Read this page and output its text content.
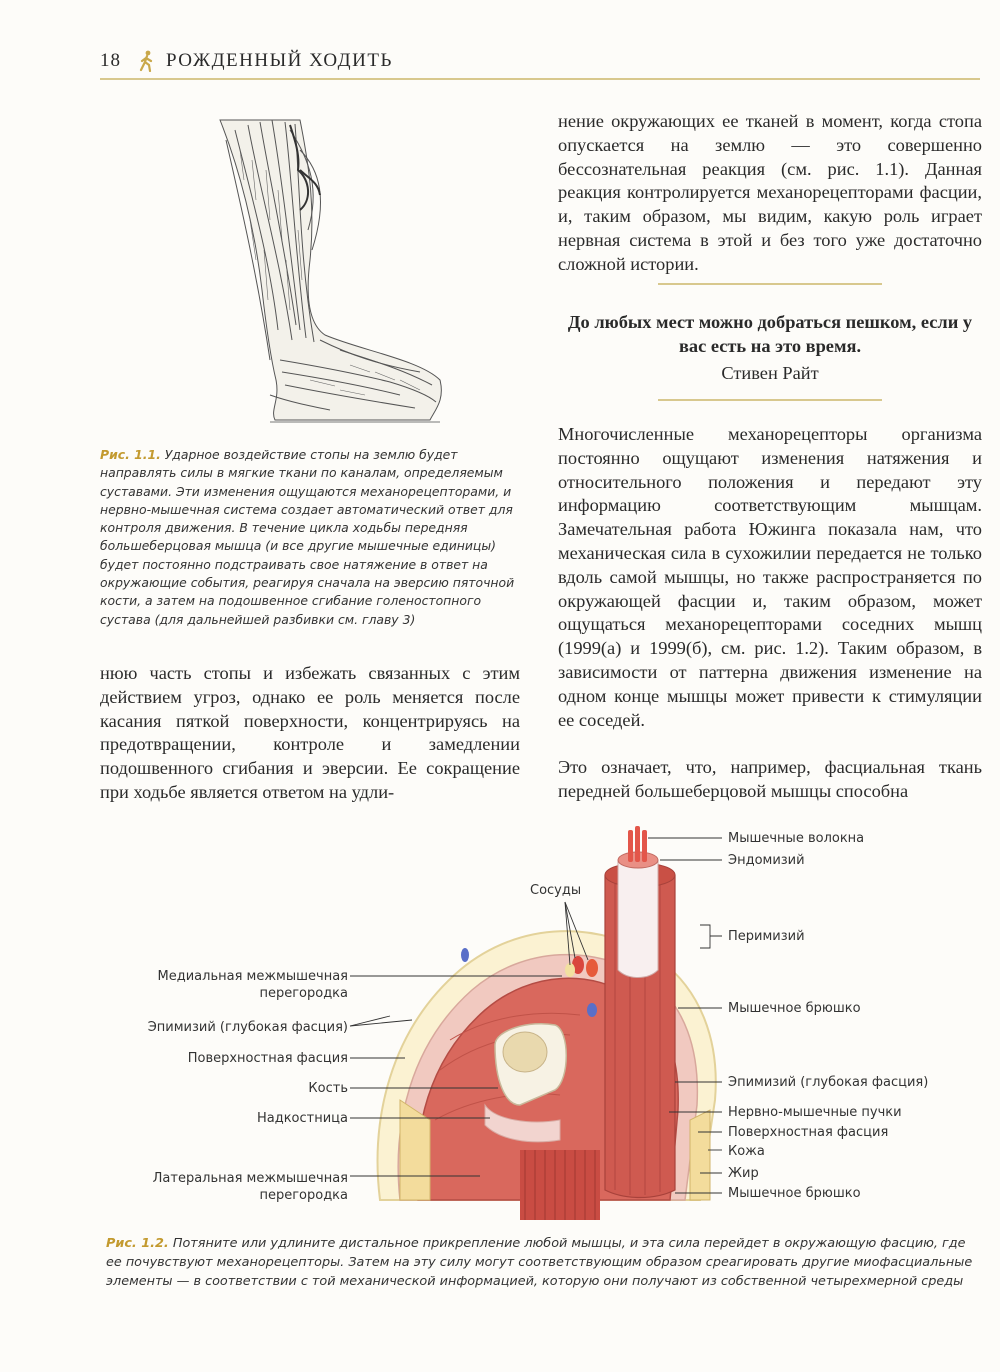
18 РОЖДЕННЫЙ ХОДИТЬ

Рис. 1.1. Ударное воздействие стопы на землю будет направлять силы в мягкие ткани по каналам, определяемым суставами. Эти изменения ощущаются механорецепторами, и нервно-мышечная система создает автоматический ответ для контроля движения. В течение цикла ходьбы передняя большеберцовая мышца (и все другие мышечные единицы) будет постоянно подстраивать свое натяжение в ответ на окружающие события, реагируя сначала на эверсию пяточной кости, а затем на подошвенное сгибание голеностопного сустава (для дальнейшей разбивки см. главу 3)

нюю часть стопы и избежать связанных с этим действием угроз, однако ее роль меняется после касания пяткой поверхности, концентрируясь на предотвращении, контроле и замедлении подошвенного сгибания и эверсии. Ее сокращение при ходьбе является ответом на удли-

нение окружающих ее тканей в момент, когда стопа опускается на землю — это совершенно бессознательная реакция (см. рис. 1.1). Данная реакция контролируется механорецепторами фасции, и, таким образом, мы видим, какую роль играет нервная система в этой и без того уже достаточно сложной истории.

До любых мест можно добраться пешком, если у вас есть на это время.

Стивен Райт

Многочисленные механорецепторы организма постоянно ощущают изменения натяжения и относительного положения и передают эту информацию соответствующим мышцам. Замечательная работа Южинга показала нам, что механическая сила в сухожилии передается не только вдоль самой мышцы, но также распространяется по окружающей фасции и, таким образом, может ощущаться механорецепторами соседних мышц (1999(а) и 1999(б), см. рис. 1.2). Таким образом, в зависимости от паттерна движения изменение на одном конце мышцы может привести к стимуляции ее соседей.

Это означает, что, например, фасциальная ткань передней большеберцовой мышцы способна

Сосуды
Медиальная межмышечная
перегородка
Эпимизий (глубокая фасция)
Поверхностная фасция
Кость
Надкостница
Латеральная межмышечная
перегородка
Мышечные волокна
Эндомизий
Перимизий
Мышечное брюшко
Эпимизий (глубокая фасция)
Нервно-мышечные пучки
Поверхностная фасция
Кожа
Жир
Мышечное брюшко

Рис. 1.2. Потяните или удлините дистальное прикрепление любой мышцы, и эта сила перейдет в окружающую фасцию, где ее почувствуют механорецепторы. Затем на эту силу могут соответствующим образом среагировать другие миофасциальные элементы — в соответствии с той механической информацией, которую они получают из собственной четырехмерной среды
